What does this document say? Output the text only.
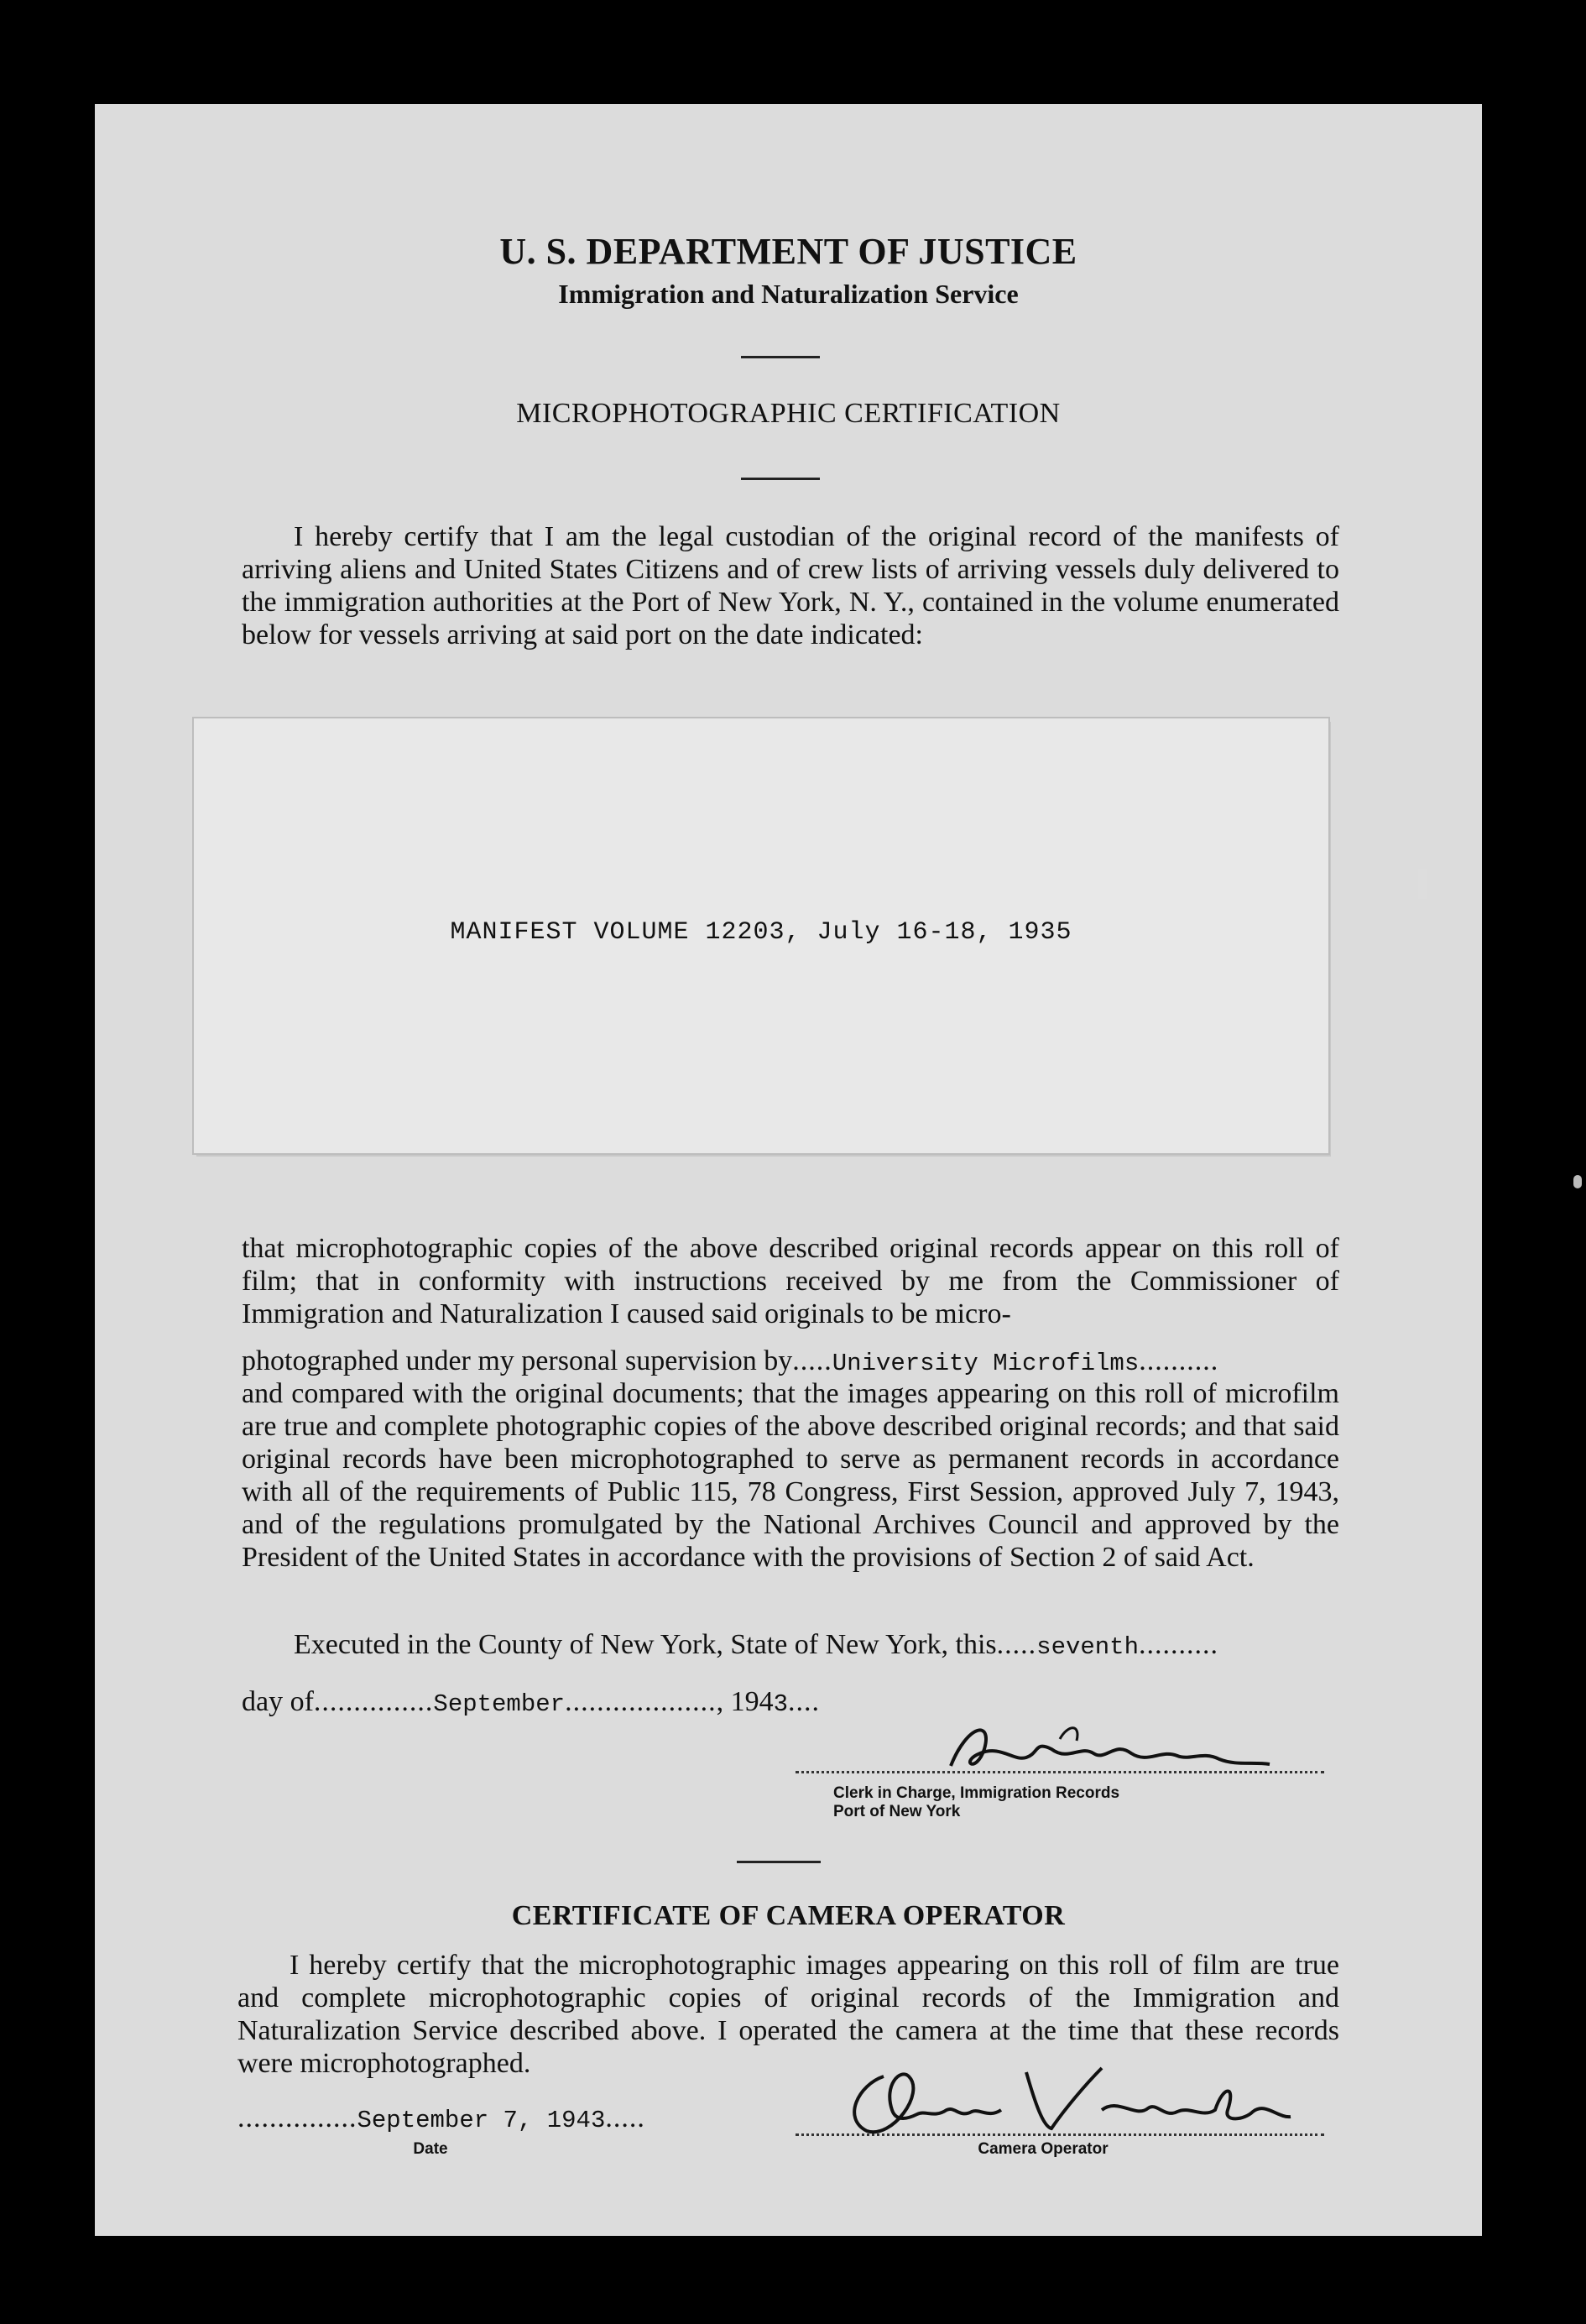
U. S. DEPARTMENT OF JUSTICE
Immigration and Naturalization Service
MICROPHOTOGRAPHIC CERTIFICATION
I hereby certify that I am the legal custodian of the original record of the manifests of arriving aliens and United States Citizens and of crew lists of arriving vessels duly delivered to the immigration authorities at the Port of New York, N. Y., contained in the volume enumerated below for vessels arriving at said port on the date indicated:
MANIFEST VOLUME 12203, July 16-18, 1935
that microphotographic copies of the above described original records appear on this roll of film; that in conformity with instructions received by me from the Commissioner of Immigration and Naturalization I caused said originals to be micro-
photographed under my personal supervision by.....University Microfilms..........
and compared with the original documents; that the images appearing on this roll of microfilm are true and complete photographic copies of the above described original records; and that said original records have been microphotographed to serve as permanent records in accordance with all of the requirements of Public 115, 78 Congress, First Session, approved July 7, 1943, and of the regulations promulgated by the National Archives Council and approved by the President of the United States in accordance with the provisions of Section 2 of said Act.
Executed in the County of New York, State of New York, this.....seventh..........
day of...............September..................., 1943....
Clerk in Charge, Immigration Records
Port of New York
CERTIFICATE OF CAMERA OPERATOR
I hereby certify that the microphotographic images appearing on this roll of film are true and complete microphotographic copies of original records of the Immigration and Naturalization Service described above. I operated the camera at the time that these records were microphotographed.
...............September 7, 1943.....
Date	Camera Operator
